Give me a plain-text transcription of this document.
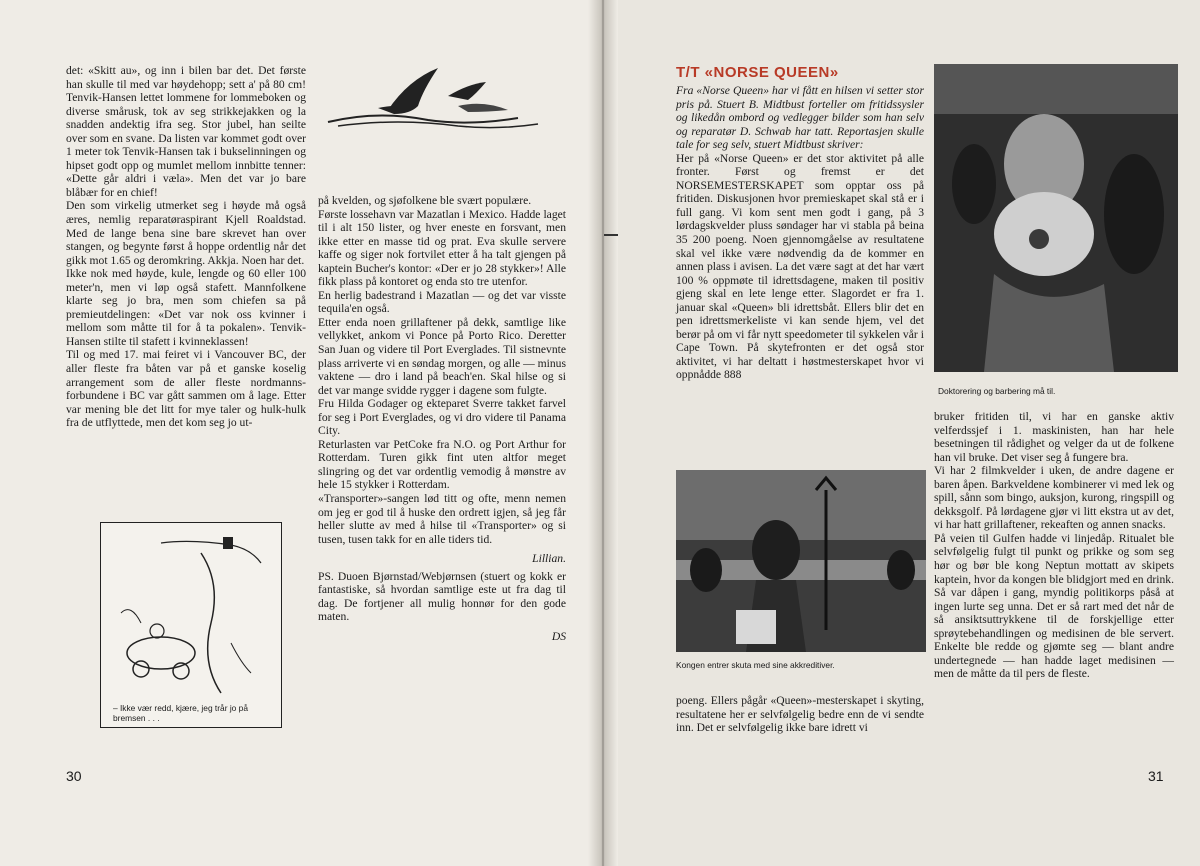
det: «Skitt au», og inn i bilen bar det. Det første han skulle til med var høydehopp; sett a' på 80 cm! Tenvik-Hansen lettet lommene for lommeboken og diverse smårusk, tok av seg strikkejakken og la snadden andektig ifra seg. Stor jubel, han seilte over som en svane. Da listen var kommet godt over 1 meter tok Tenvik-Hansen tak i bukselinningen og hipset godt opp og mumlet mellom innbitte tenner: «Dette går aldri i væla». Men det var jo bare blåbær for en chief!

Den som virkelig utmerket seg i høyde må også æres, nemlig reparatøraspirant Kjell Roaldstad. Med de lange bena sine bare skrevet han over stangen, og begynte først å hoppe ordentlig når det gikk mot 1.65 og deromkring. Akkja. Noen har det.

Ikke nok med høyde, kule, lengde og 60 eller 100 meter'n, men vi løp også stafett. Mannfolkene klarte seg jo bra, men som chiefen sa på premieutdelingen: «Det var nok oss kvinner i mellom som måtte til for å ta pokalen». Tenvik-Hansen stilte til stafett i kvinneklassen!

Til og med 17. mai feiret vi i Vancouver BC, der aller fleste fra båten var på et ganske koselig arrangement som de aller fleste nordmanns-forbundene i BC var gått sammen om å lage. Etter var mening ble det litt for mye taler og hulk-hulk fra de utflyttede, men det kom seg jo ut-

på kvelden, og sjøfolkene ble svært populære.

Første lossehavn var Mazatlan i Mexico. Hadde laget til i alt 150 lister, og hver eneste en forsvant, men ikke etter en masse tid og prat. Eva skulle servere kaffe og siger nok fortvilet etter å ha talt gjengen på kaptein Bucher's kontor: «Der er jo 28 stykker»! Alle fikk plass på kontoret og enda sto tre utenfor.

En herlig badestrand i Mazatlan — og det var visste tequila'en også.

Etter enda noen grillaftener på dekk, samtlige like vellykket, ankom vi Ponce på Porto Rico. Deretter San Juan og videre til Port Everglades. Til sistnevnte plass arriverte vi en søndag morgen, og alle — minus vaktene — dro i land på beach'en. Skal hilse og si det var mange svidde rygger i dagene som fulgte.

Fru Hilda Godager og ekteparet Sverre takket farvel for seg i Port Everglades, og vi dro videre til Panama City.

Returlasten var PetCoke fra N.O. og Port Arthur for Rotterdam. Turen gikk fint uten altfor meget slingring og det var ordentlig vemodig å mønstre av hele 15 stykker i Rotterdam.

«Transporter»-sangen lød titt og ofte, menn nemen om jeg er god til å huske den ordrett igjen, så jeg får heller slutte av med å hilse til «Transporter» og si tusen, tusen takk for en alle tiders tid.

Lillian.

PS. Duoen Bjørnstad/Webjørnsen (stuert og kokk er fantastiske, så hvordan samtlige este ut fra dag til dag. De fortjener all mulig honnør for den gode maten.

DS

– Ikke vær redd, kjære, jeg trår jo på bremsen . . .
30
T/T «NORSE QUEEN»

Fra «Norse Queen» har vi fått en hilsen vi setter stor pris på. Stuert B. Midtbust forteller om fritidssysler og likedån ombord og vedlegger bilder som han selv og reparatør D. Schwab har tatt. Reportasjen skulle tale for seg selv, stuert Midtbust skriver:

Her på «Norse Queen» er det stor aktivitet på alle fronter. Først og fremst er det NORSEMESTERSKAPET som opptar oss på fritiden. Diskusjonen hvor premieskapet skal stå er i full gang. Vi kom sent men godt i gang, på 3 lørdagskvelder pluss søndager har vi stabla på beina 35 200 poeng. Noen gjennomgåelse av resultatene skal vel ikke være nødvendig da de kommer en annen plass i avisen. La det være sagt at det har vært 100 % oppmøte til idrettsdagene, maken til positiv gjeng skal en lete lenge etter. Slagordet er fra 1. januar skal «Queen» bli idrettsbåt. Ellers blir det en pen idrettsmerkeliste vi kan sende hjem, vel det berør på om vi får nytt speedometer til sykkelen vår i Cape Town. På skytefronten er det også stor aktivitet, vi har deltatt i høstmesterskapet hvor vi oppnådde 888

Kongen entrer skuta med sine akkreditiver.

poeng. Ellers pågår «Queen»-mesterskapet i skyting, resultatene her er selvfølgelig bedre enn de vi sendte inn. Det er selvfølgelig ikke bare idrett vi

Doktorering og barbering må til.

bruker fritiden til, vi har en ganske aktiv velferdssjef i 1. maskinisten, han har hele besetningen til rådighet og velger da ut de folkene han vil bruke. Det viser seg å fungere bra.

Vi har 2 filmkvelder i uken, de andre dagene er baren åpen. Barkveldene kombinerer vi med lek og spill, sånn som bingo, auksjon, kurong, ringspill og dekksgolf. På lørdagene gjør vi litt ekstra ut av det, vi har hatt grillaftener, rekeaften og annen snacks.

På veien til Gulfen hadde vi linjedåp. Ritualet ble selvfølgelig fulgt til punkt og prikke og som seg hør og bør ble kong Neptun mottatt av skipets kaptein, hvor da kongen ble blidgjort med en drink. Så var dåpen i gang, myndig politikorps påså at ingen lurte seg unna. Det er så rart med det når de så ansiktsuttrykkene til de forskjellige etter sprøytebehandlingen og medisinen de ble servert. Enkelte ble redde og gjømte seg — blant andre undertegnede — han hadde laget medisinen — men de måtte da til pers de fleste.

31
